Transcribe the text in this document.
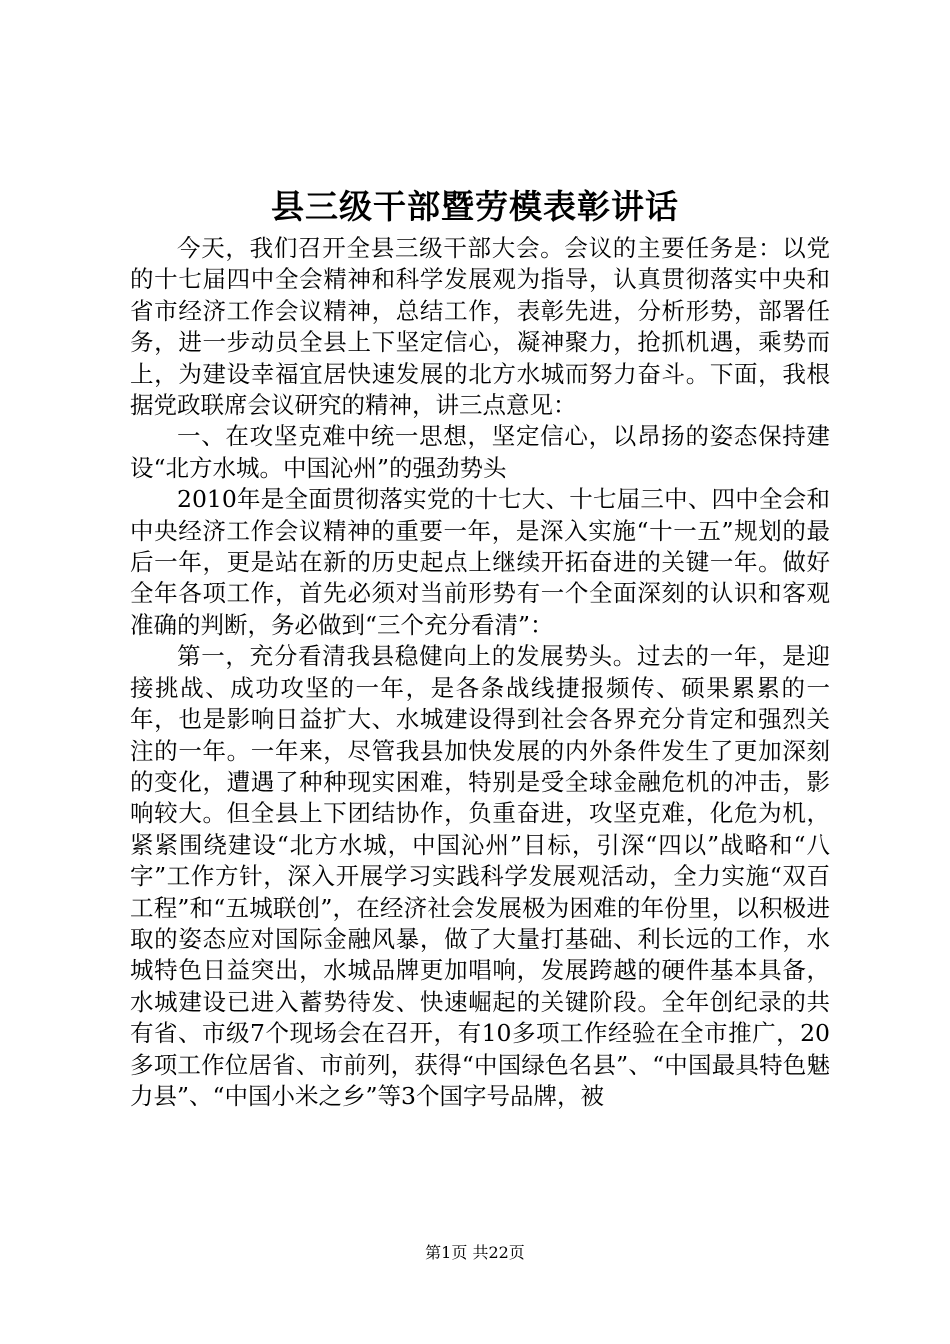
县三级干部暨劳模表彰讲话

今天，我们召开全县三级干部大会。会议的主要任务是：以党的十七届四中全会精神和科学发展观为指导，认真贯彻落实中央和省市经济工作会议精神，总结工作，表彰先进，分析形势，部署任务，进一步动员全县上下坚定信心，凝神聚力，抢抓机遇，乘势而上，为建设幸福宜居快速发展的北方水城而努力奋斗。下面，我根据党政联席会议研究的精神，讲三点意见：

一、在攻坚克难中统一思想，坚定信心，以昂扬的姿态保持建设“北方水城。中国沁州”的强劲势头

2010年是全面贯彻落实党的十七大、十七届三中、四中全会和中央经济工作会议精神的重要一年，是深入实施“十一五”规划的最后一年，更是站在新的历史起点上继续开拓奋进的关键一年。做好全年各项工作，首先必须对当前形势有一个全面深刻的认识和客观准确的判断，务必做到“三个充分看清”：

第一，充分看清我县稳健向上的发展势头。过去的一年，是迎接挑战、成功攻坚的一年，是各条战线捷报频传、硕果累累的一年，也是影响日益扩大、水城建设得到社会各界充分肯定和强烈关注的一年。一年来，尽管我县加快发展的内外条件发生了更加深刻的变化，遭遇了种种现实困难，特别是受全球金融危机的冲击，影响较大。但全县上下团结协作，负重奋进，攻坚克难，化危为机，紧紧围绕建设“北方水城，中国沁州”目标，引深“四以”战略和“八字”工作方针，深入开展学习实践科学发展观活动，全力实施“双百工程”和“五城联创”，在经济社会发展极为困难的年份里，以积极进取的姿态应对国际金融风暴，做了大量打基础、利长远的工作，水城特色日益突出，水城品牌更加唱响，发展跨越的硬件基本具备，水城建设已进入蓄势待发、快速崛起的关键阶段。全年创纪录的共有省、市级7个现场会在召开，有10多项工作经验在全市推广，20多项工作位居省、市前列，获得“中国绿色名县”、“中国最具特色魅力县”、“中国小米之乡”等3个国字号品牌，被

第1页 共22页
